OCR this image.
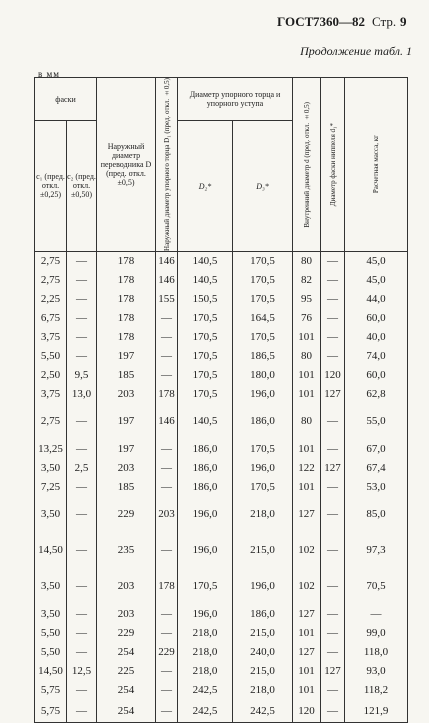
ГОСТ 7360—82 Стр. 9
Продолжение табл. 1
в мм
фаски		Наружный диаметр переводника D (пред. откл. ±0,5)	Наружный диаметр упорного торца D₁ (пред. откл. ±0,5)	Диаметр упорного торца и упорного уступа		Внутренний диаметр d (пред. откл. ±0,5)	Диаметр фаски ниппеля d₁*	Расчетная масса, кг

c₁ (пред. откл. ±0,25)	c₂ (пред. откл. ±0,50)			D₂*	D₃*			
2,75	—	178	146	140,5	170,5	80	—	45,0
2,75	—	178	146	140,5	170,5	82	—	45,0
2,25	—	178	155	150,5	170,5	95	—	44,0
6,75	—	178	—	170,5	164,5	76	—	60,0
3,75	—	178	—	170,5	170,5	101	—	40,0
5,50	—	197	—	170,5	186,5	80	—	74,0
2,50	9,5	185	—	170,5	180,0	101	120	60,0
3,75	13,0	203	178	170,5	196,0	101	127	62,8
2,75	—	197	146	140,5	186,0	80	—	55,0
13,25	—	197	—	186,0	170,5	101	—	67,0
3,50	2,5	203	—	186,0	196,0	122	127	67,4
7,25	—	185	—	186,0	170,5	101	—	53,0
3,50	—	229	203	196,0	218,0	127	—	85,0
14,50	—	235	—	196,0	215,0	102	—	97,3
3,50	—	203	178	170,5	196,0	102	—	70,5
3,50	—	203	—	196,0	186,0	127	—	—
5,50	—	229	—	218,0	215,0	101	—	99,0
5,50	—	254	229	218,0	240,0	127	—	118,0
14,50	12,5	225	—	218,0	215,0	101	127	93,0
5,75	—	254	—	242,5	218,0	101	—	118,2
5,75	—	254	—	242,5	242,5	120	—	121,9
